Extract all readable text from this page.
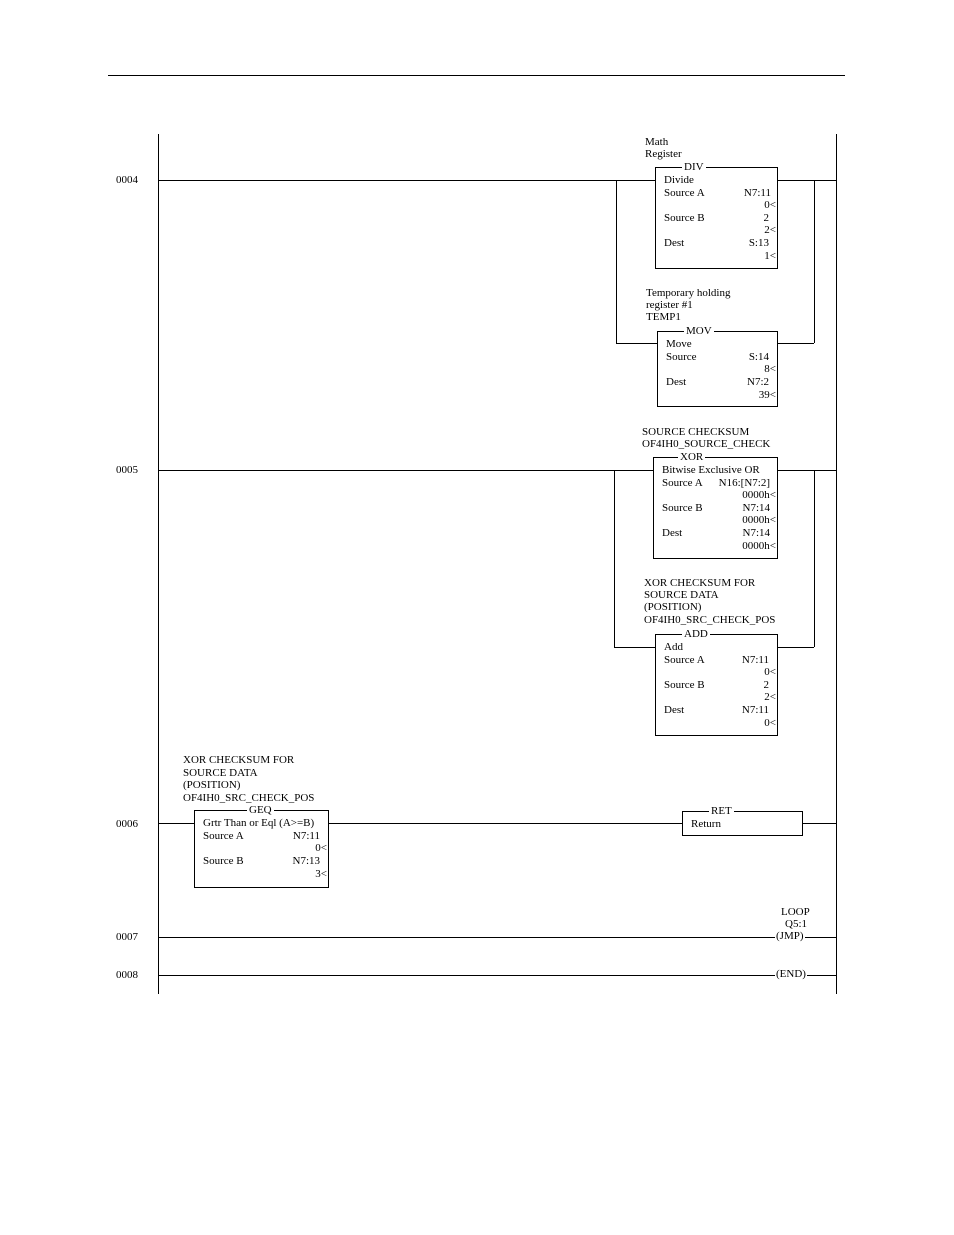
0004
Math
Register
DIV
Divide
Source A	N7:11
0<
Source B	2
2<
Dest	S:13
1<
Temporary holding
register #1
TEMP1
MOV
Move
Source	S:14
8<
Dest	N7:2
39<
0005
SOURCE CHECKSUM
OF4IH0_SOURCE_CHECK
XOR
Bitwise Exclusive OR
Source A N16:[N7:2]
0000h<
Source B	N7:14
0000h<
Dest	N7:14
0000h<
XOR CHECKSUM FOR
SOURCE DATA
(POSITION)
OF4IH0_SRC_CHECK_POS
ADD
Add
Source A	N7:11
0<
Source B	2
2<
Dest	N7:11
0<
0006
XOR CHECKSUM FOR
SOURCE DATA
(POSITION)
OF4IH0_SRC_CHECK_POS
GEQ
Grtr Than or Eql (A>=B)
Source A	N7:11
0<
Source B	N7:13
3<
RET
Return
0007
LOOP
Q5:1
(JMP)
0008	(END)
